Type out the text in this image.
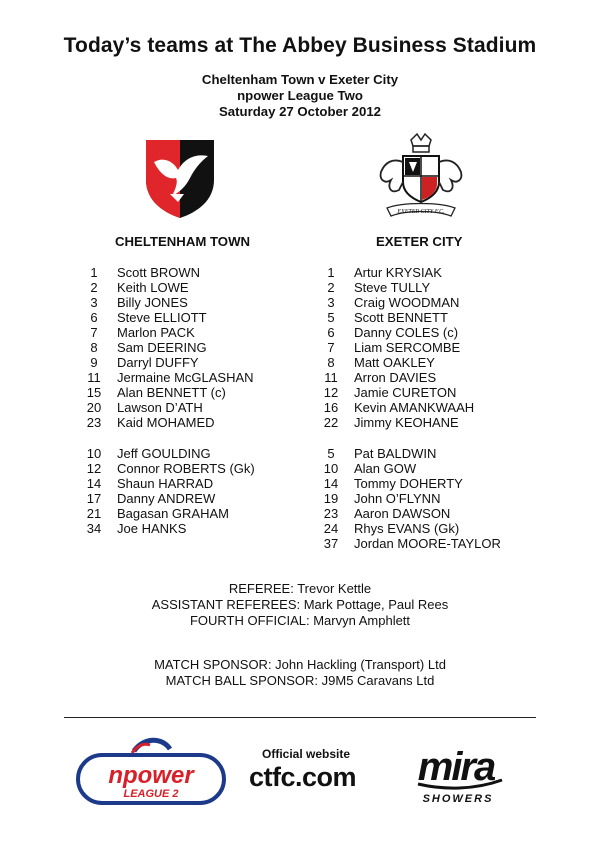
Today’s teams at The Abbey Business Stadium
Cheltenham Town v Exeter City
npower League Two
Saturday 27 October 2012
EXETER CITY F.C.
CHELTENHAM TOWN	EXETER CITY
1	Scott BROWN
2	Keith LOWE
3	Billy JONES
6	Steve ELLIOTT
7	Marlon PACK
8	Sam DEERING
9	Darryl DUFFY
11	Jermaine McGLASHAN
15	Alan BENNETT (c)
20	Lawson D’ATH
23	Kaid MOHAMED
10	Jeff GOULDING
12	Connor ROBERTS (Gk)
14	Shaun HARRAD
17	Danny ANDREW
21	Bagasan GRAHAM
34	Joe HANKS
1	Artur KRYSIAK
2	Steve TULLY
3	Craig WOODMAN
5	Scott BENNETT
6	Danny COLES (c)
7	Liam SERCOMBE
8	Matt OAKLEY
11	Arron DAVIES
12	Jamie CURETON
16	Kevin AMANKWAAH
22	Jimmy KEOHANE
5	Pat BALDWIN
10	Alan GOW
14	Tommy DOHERTY
19	John O’FLYNN
23	Aaron DAWSON
24	Rhys EVANS (Gk)
37	Jordan MOORE-TAYLOR
REFEREE: Trevor Kettle
ASSISTANT REFEREES: Mark Pottage, Paul Rees
FOURTH OFFICIAL: Marvyn Amphlett
MATCH SPONSOR: John Hackling (Transport) Ltd
MATCH BALL SPONSOR: J9M5 Caravans Ltd
npower
LEAGUE 2
Official website
ctfc.com mira
SHOWERS
